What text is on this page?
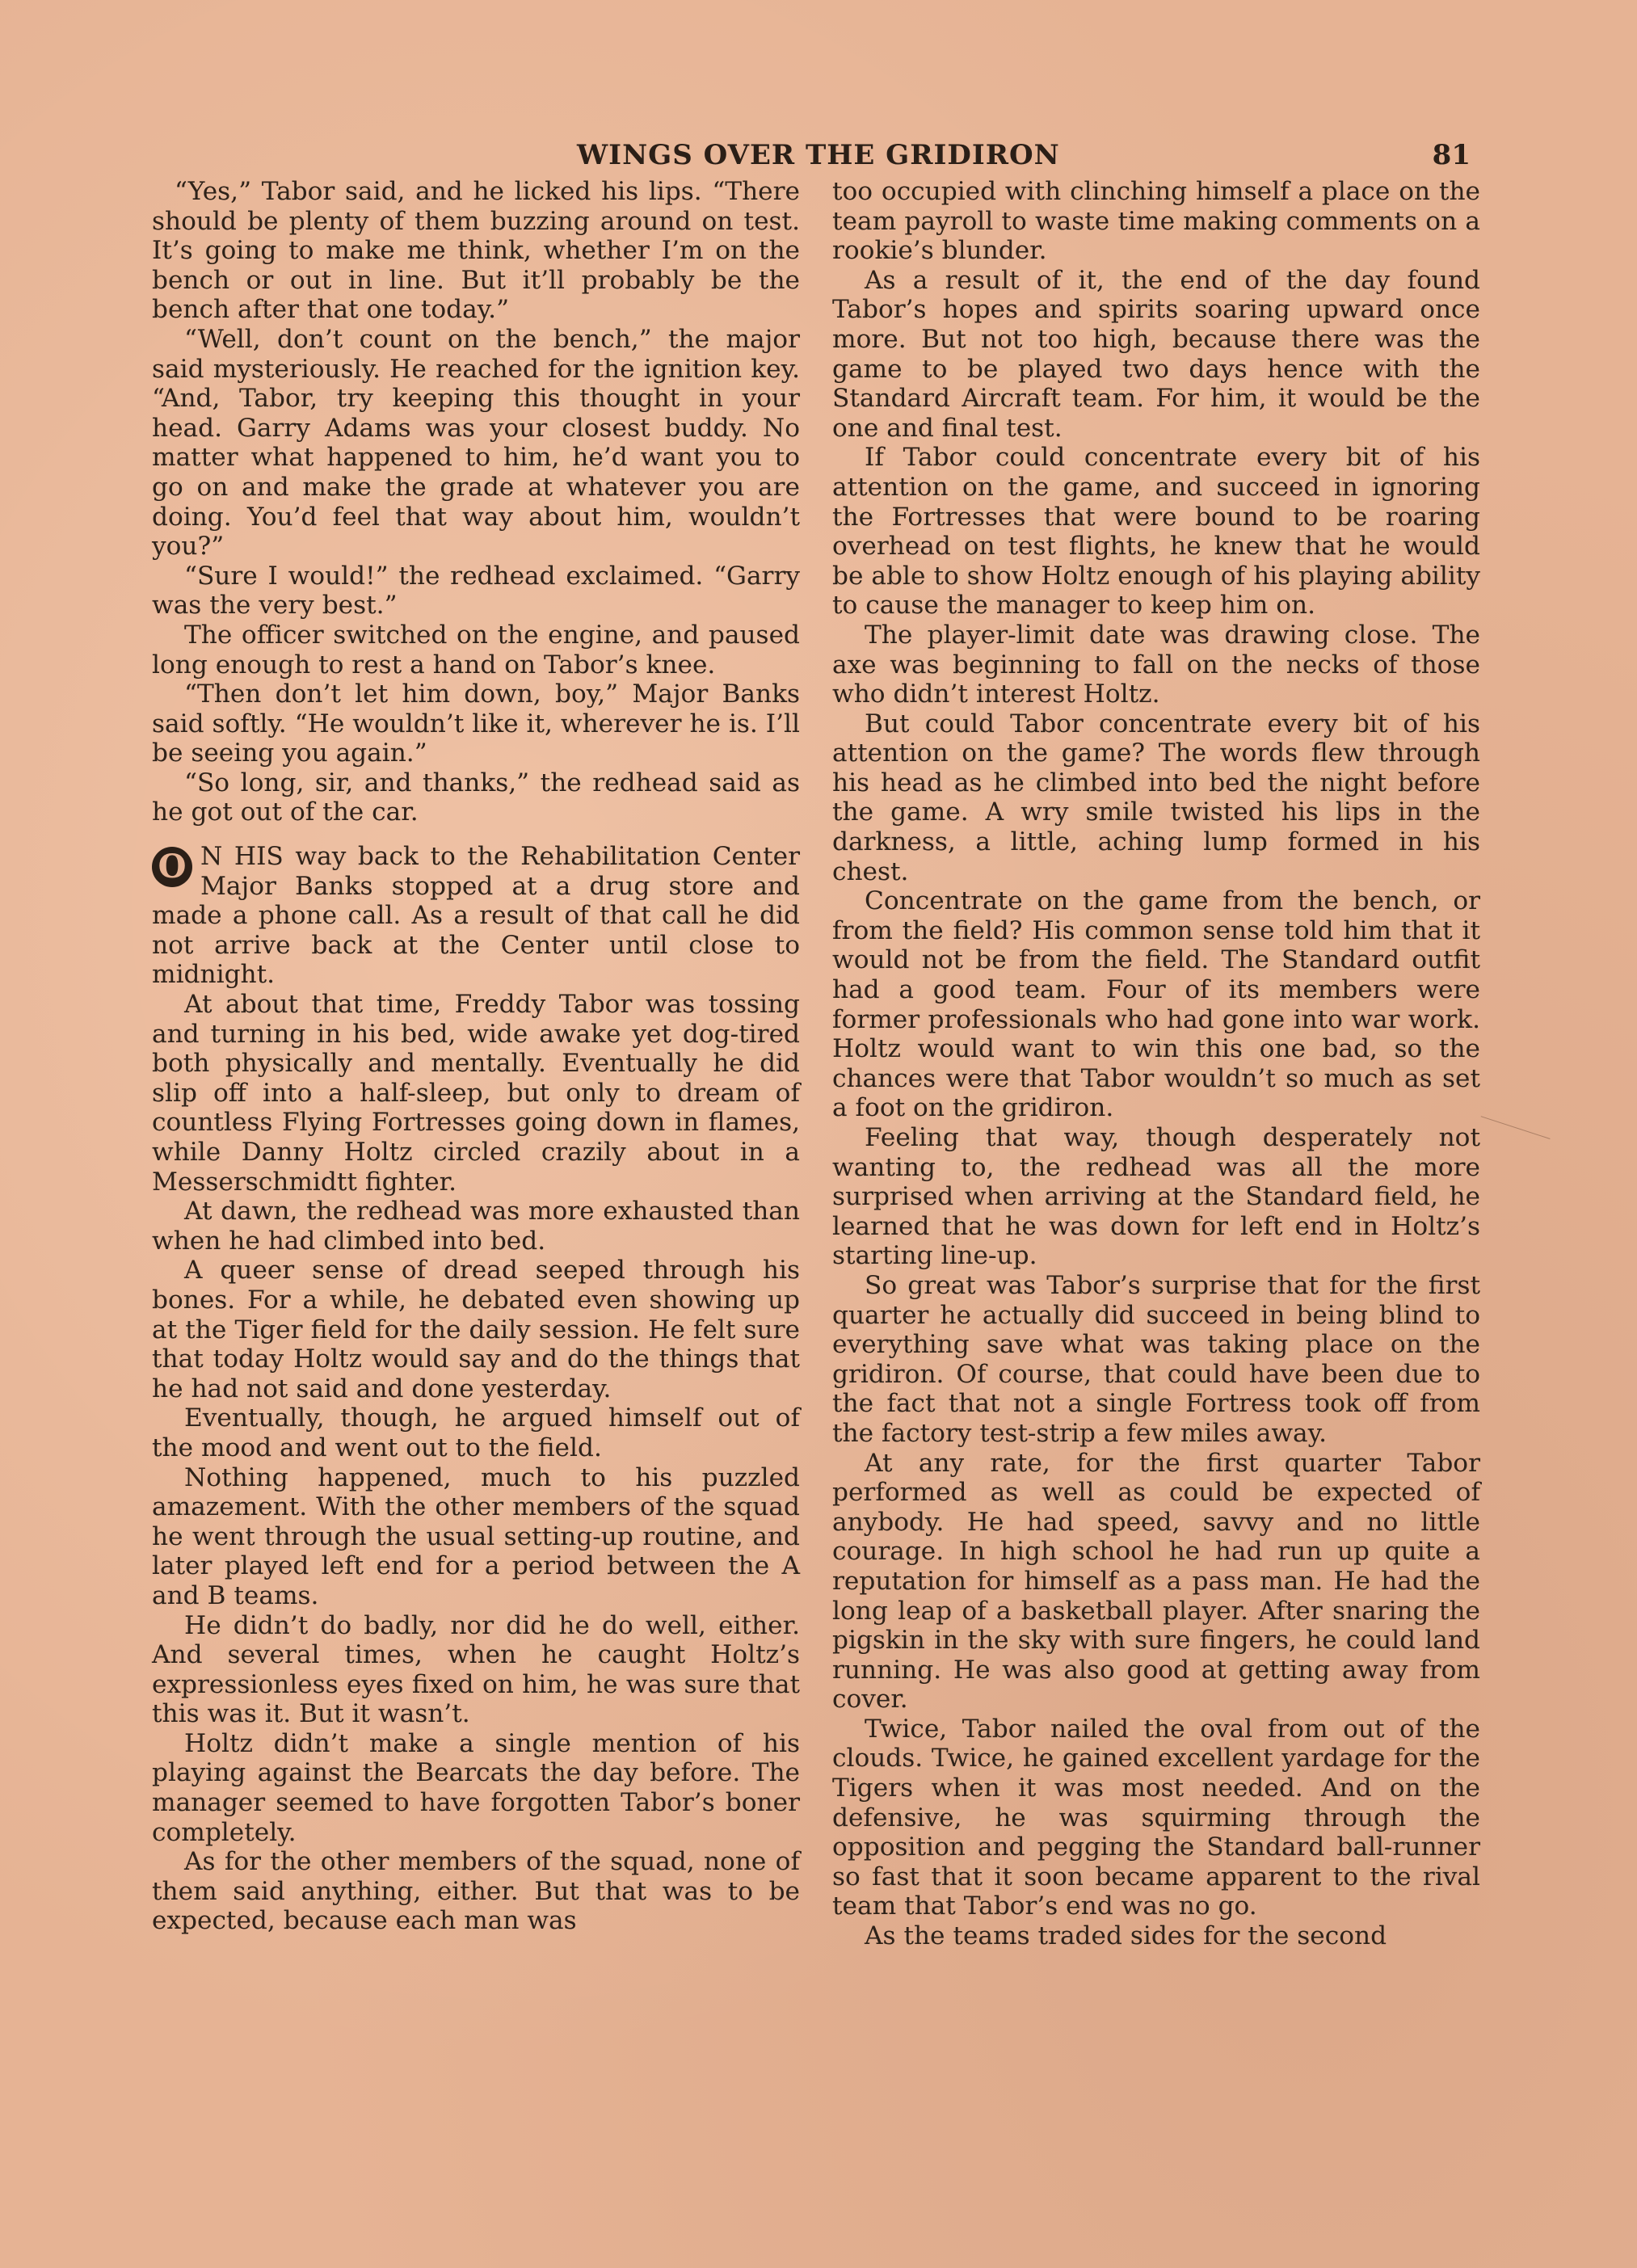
WINGS OVER THE GRIDIRON	81

“Yes,” Tabor said, and he licked his lips. “There should be plenty of them buzzing around on test. It’s going to make me think, whether I’m on the bench or out in line. But it’ll probably be the bench after that one today.”

“Well, don’t count on the bench,” the major said mysteriously. He reached for the ignition key. “And, Tabor, try keeping this thought in your head. Garry Adams was your closest buddy. No matter what happened to him, he’d want you to go on and make the grade at whatever you are doing. You’d feel that way about him, wouldn’t you?”

“Sure I would!” the redhead exclaimed. “Garry was the very best.”

The officer switched on the engine, and paused long enough to rest a hand on Tabor’s knee.

“Then don’t let him down, boy,” Major Banks said softly. “He wouldn’t like it, wherever he is. I’ll be seeing you again.”

“So long, sir, and thanks,” the redhead said as he got out of the car.

O N HIS way back to the Rehabilitation Center Major Banks stopped at a drug store and made a phone call. As a result of that call he did not arrive back at the Center until close to midnight.

At about that time, Freddy Tabor was tossing and turning in his bed, wide awake yet dog-tired both physically and mentally. Eventually he did slip off into a half-sleep, but only to dream of countless Flying Fortresses going down in flames, while Danny Holtz circled crazily about in a Messerschmidtt fighter.

At dawn, the redhead was more exhausted than when he had climbed into bed.

A queer sense of dread seeped through his bones. For a while, he debated even showing up at the Tiger field for the daily session. He felt sure that today Holtz would say and do the things that he had not said and done yesterday.

Eventually, though, he argued himself out of the mood and went out to the field.

Nothing happened, much to his puzzled amazement. With the other members of the squad he went through the usual setting-up routine, and later played left end for a period between the A and B teams.

He didn’t do badly, nor did he do well, either. And several times, when he caught Holtz’s expressionless eyes fixed on him, he was sure that this was it. But it wasn’t.

Holtz didn’t make a single mention of his playing against the Bearcats the day before. The manager seemed to have forgotten Tabor’s boner completely.

As for the other members of the squad, none of them said anything, either. But that was to be expected, because each man was

too occupied with clinching himself a place on the team payroll to waste time making comments on a rookie’s blunder.

As a result of it, the end of the day found Tabor’s hopes and spirits soaring upward once more. But not too high, because there was the game to be played two days hence with the Standard Aircraft team. For him, it would be the one and final test.

If Tabor could concentrate every bit of his attention on the game, and succeed in ignoring the Fortresses that were bound to be roaring overhead on test flights, he knew that he would be able to show Holtz enough of his playing ability to cause the manager to keep him on.

The player-limit date was drawing close. The axe was beginning to fall on the necks of those who didn’t interest Holtz.

But could Tabor concentrate every bit of his attention on the game? The words flew through his head as he climbed into bed the night before the game. A wry smile twisted his lips in the darkness, a little, aching lump formed in his chest.

Concentrate on the game from the bench, or from the field? His common sense told him that it would not be from the field. The Standard outfit had a good team. Four of its members were former professionals who had gone into war work. Holtz would want to win this one bad, so the chances were that Tabor wouldn’t so much as set a foot on the gridiron.

Feeling that way, though desperately not wanting to, the redhead was all the more surprised when arriving at the Standard field, he learned that he was down for left end in Holtz’s starting line-up.

So great was Tabor’s surprise that for the first quarter he actually did succeed in being blind to everything save what was taking place on the gridiron. Of course, that could have been due to the fact that not a single Fortress took off from the factory test-strip a few miles away.

At any rate, for the first quarter Tabor performed as well as could be expected of anybody. He had speed, savvy and no little courage. In high school he had run up quite a reputation for himself as a pass man. He had the long leap of a basketball player. After snaring the pigskin in the sky with sure fingers, he could land running. He was also good at getting away from cover.

Twice, Tabor nailed the oval from out of the clouds. Twice, he gained excellent yardage for the Tigers when it was most needed. And on the defensive, he was squirming through the opposition and pegging the Standard ball-runner so fast that it soon became apparent to the rival team that Tabor’s end was no go.

As the teams traded sides for the second
